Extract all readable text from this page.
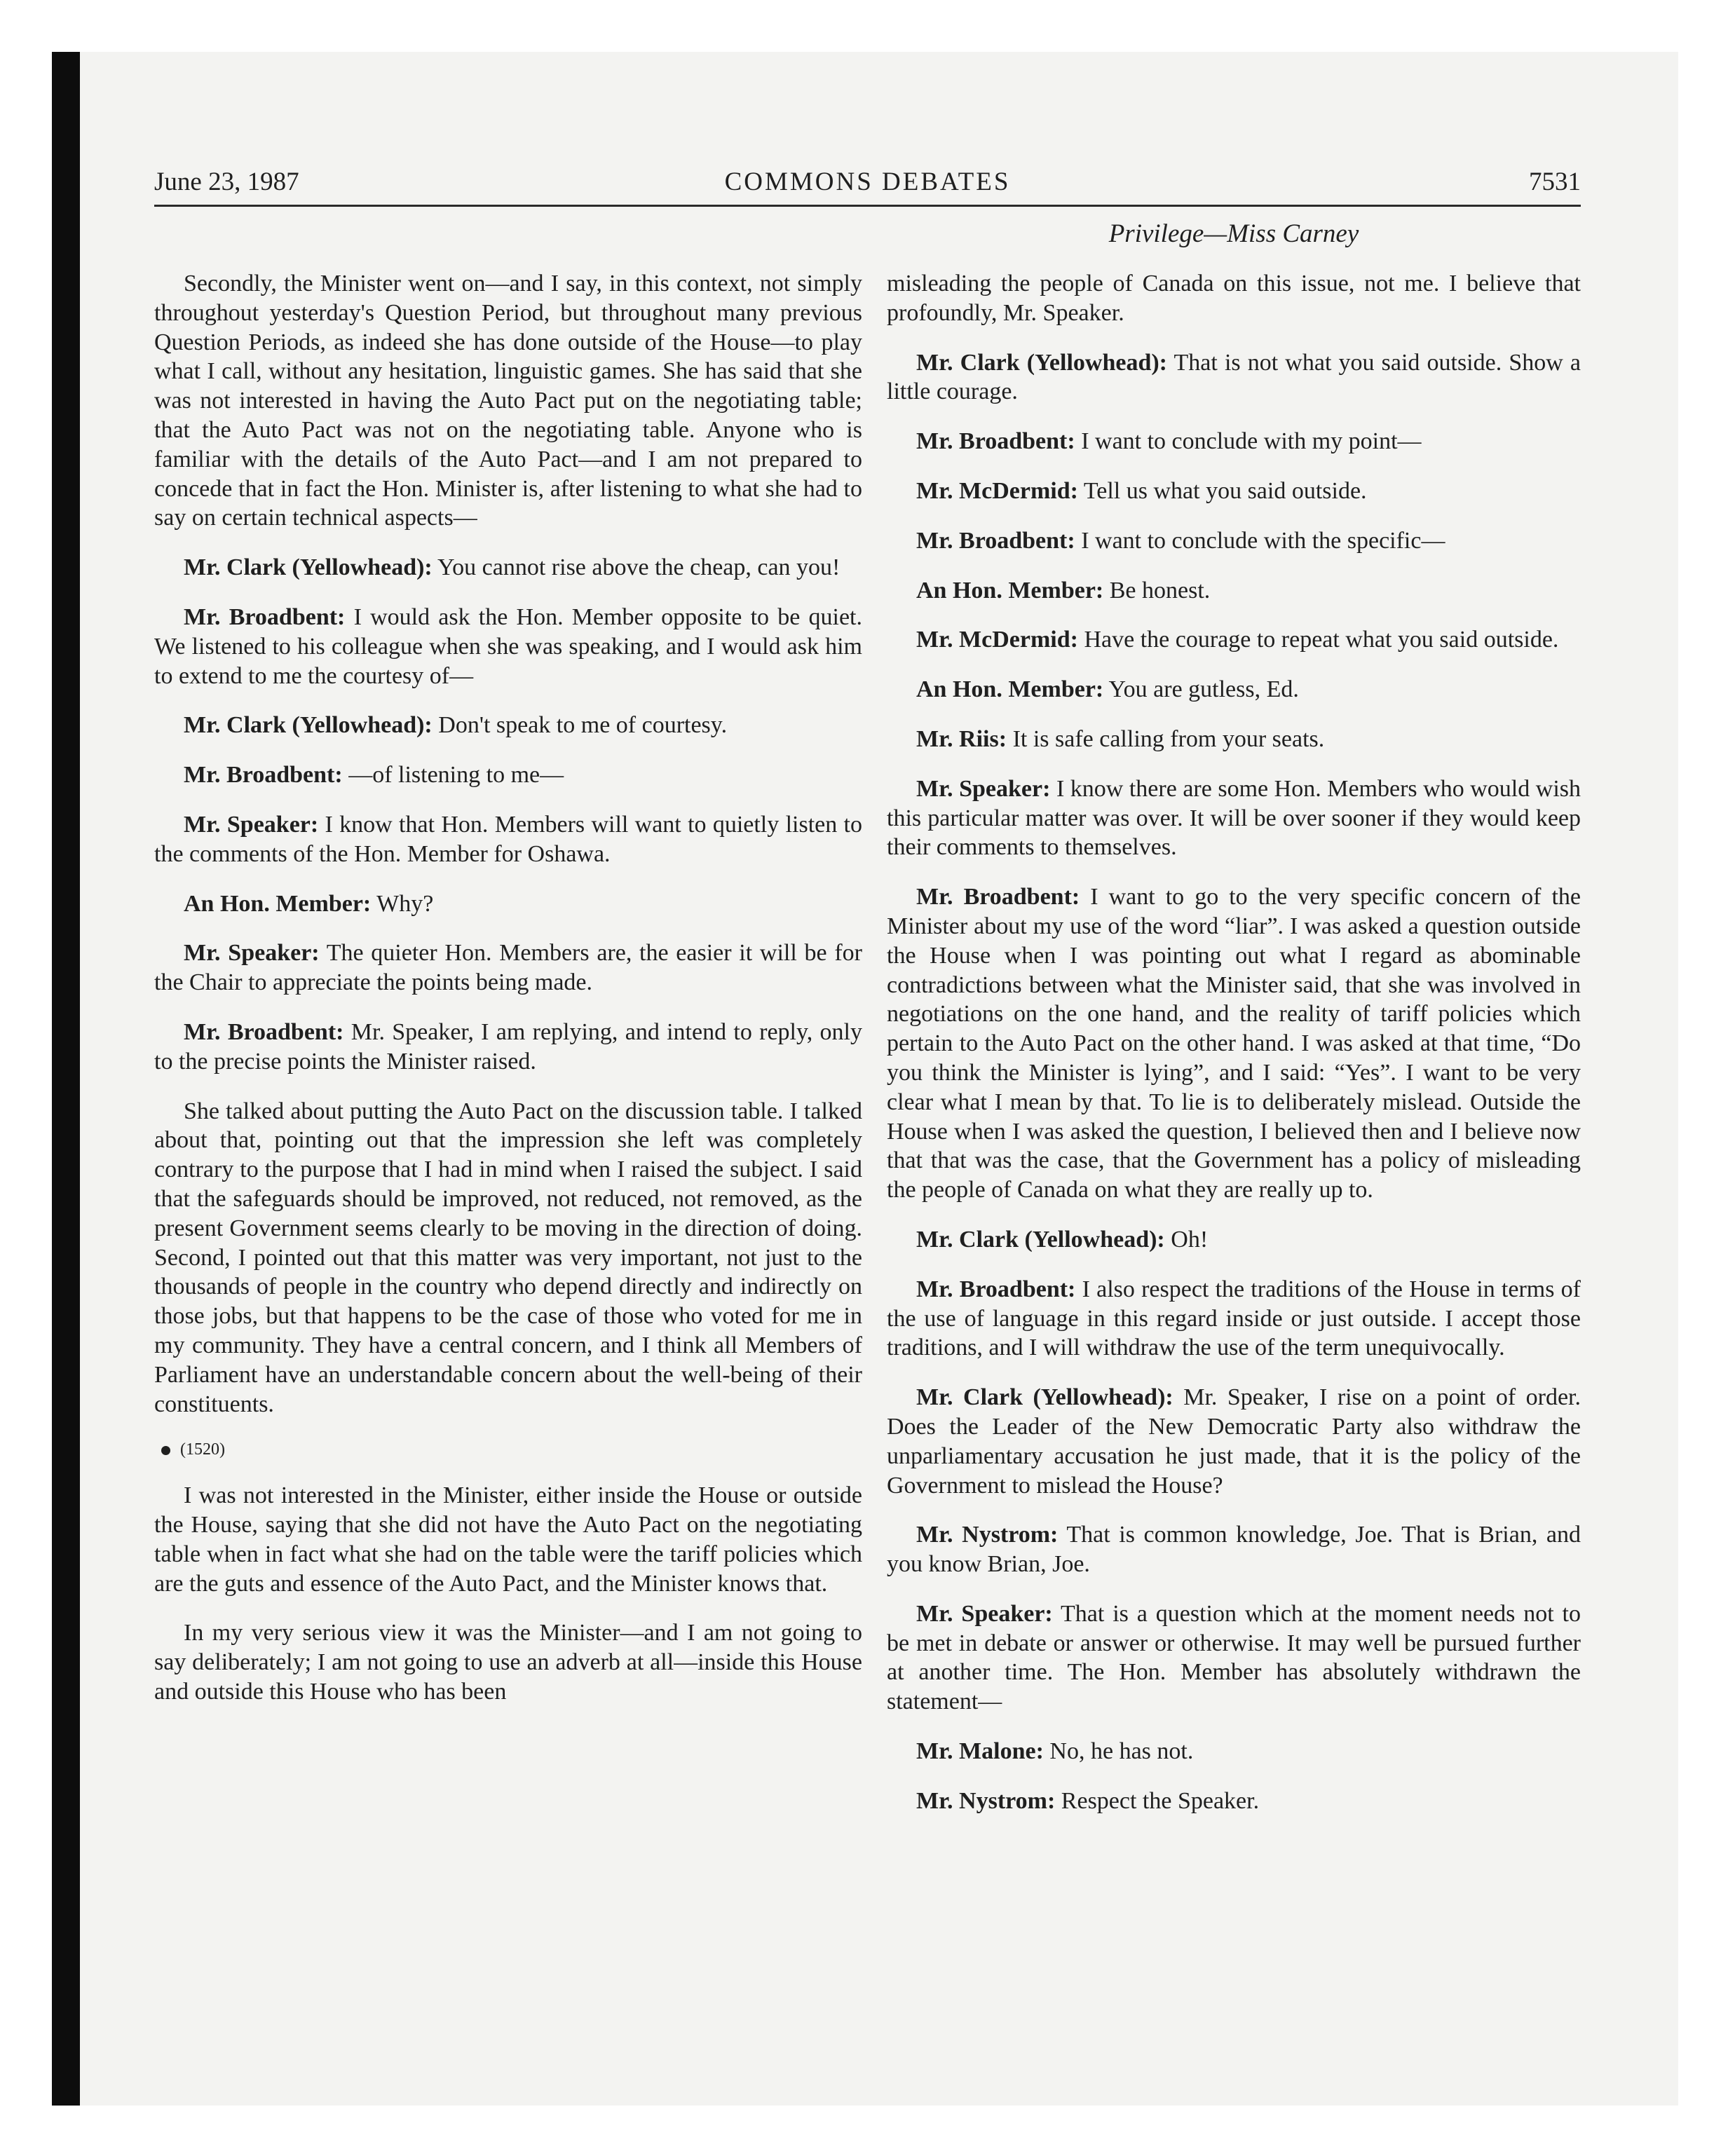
June 23, 1987	COMMONS DEBATES	7531
Privilege—Miss Carney

Secondly, the Minister went on—and I say, in this context, not simply throughout yesterday's Question Period, but throughout many previous Question Periods, as indeed she has done outside of the House—to play what I call, without any hesitation, linguistic games. She has said that she was not interested in having the Auto Pact put on the negotiating table; that the Auto Pact was not on the negotiating table. Anyone who is familiar with the details of the Auto Pact—and I am not prepared to concede that in fact the Hon. Minister is, after listening to what she had to say on certain technical aspects—

Mr. Clark (Yellowhead): You cannot rise above the cheap, can you!

Mr. Broadbent: I would ask the Hon. Member opposite to be quiet. We listened to his colleague when she was speaking, and I would ask him to extend to me the courtesy of—

Mr. Clark (Yellowhead): Don't speak to me of courtesy.

Mr. Broadbent: —of listening to me—

Mr. Speaker: I know that Hon. Members will want to quietly listen to the comments of the Hon. Member for Oshawa.

An Hon. Member: Why?

Mr. Speaker: The quieter Hon. Members are, the easier it will be for the Chair to appreciate the points being made.

Mr. Broadbent: Mr. Speaker, I am replying, and intend to reply, only to the precise points the Minister raised.

She talked about putting the Auto Pact on the discussion table. I talked about that, pointing out that the impression she left was completely contrary to the purpose that I had in mind when I raised the subject. I said that the safeguards should be improved, not reduced, not removed, as the present Government seems clearly to be moving in the direction of doing. Second, I pointed out that this matter was very important, not just to the thousands of people in the country who depend directly and indirectly on those jobs, but that happens to be the case of those who voted for me in my community. They have a central concern, and I think all Members of Parliament have an understandable concern about the well-being of their constituents.

(1520)

I was not interested in the Minister, either inside the House or outside the House, saying that she did not have the Auto Pact on the negotiating table when in fact what she had on the table were the tariff policies which are the guts and essence of the Auto Pact, and the Minister knows that.

In my very serious view it was the Minister—and I am not going to say deliberately; I am not going to use an adverb at all—inside this House and outside this House who has been

misleading the people of Canada on this issue, not me. I believe that profoundly, Mr. Speaker.

Mr. Clark (Yellowhead): That is not what you said outside. Show a little courage.

Mr. Broadbent: I want to conclude with my point—

Mr. McDermid: Tell us what you said outside.

Mr. Broadbent: I want to conclude with the specific—

An Hon. Member: Be honest.

Mr. McDermid: Have the courage to repeat what you said outside.

An Hon. Member: You are gutless, Ed.

Mr. Riis: It is safe calling from your seats.

Mr. Speaker: I know there are some Hon. Members who would wish this particular matter was over. It will be over sooner if they would keep their comments to themselves.

Mr. Broadbent: I want to go to the very specific concern of the Minister about my use of the word “liar”. I was asked a question outside the House when I was pointing out what I regard as abominable contradictions between what the Minister said, that she was involved in negotiations on the one hand, and the reality of tariff policies which pertain to the Auto Pact on the other hand. I was asked at that time, “Do you think the Minister is lying”, and I said: “Yes”. I want to be very clear what I mean by that. To lie is to deliberately mislead. Outside the House when I was asked the question, I believed then and I believe now that that was the case, that the Government has a policy of misleading the people of Canada on what they are really up to.

Mr. Clark (Yellowhead): Oh!

Mr. Broadbent: I also respect the traditions of the House in terms of the use of language in this regard inside or just outside. I accept those traditions, and I will withdraw the use of the term unequivocally.

Mr. Clark (Yellowhead): Mr. Speaker, I rise on a point of order. Does the Leader of the New Democratic Party also withdraw the unparliamentary accusation he just made, that it is the policy of the Government to mislead the House?

Mr. Nystrom: That is common knowledge, Joe. That is Brian, and you know Brian, Joe.

Mr. Speaker: That is a question which at the moment needs not to be met in debate or answer or otherwise. It may well be pursued further at another time. The Hon. Member has absolutely withdrawn the statement—

Mr. Malone: No, he has not.

Mr. Nystrom: Respect the Speaker.
